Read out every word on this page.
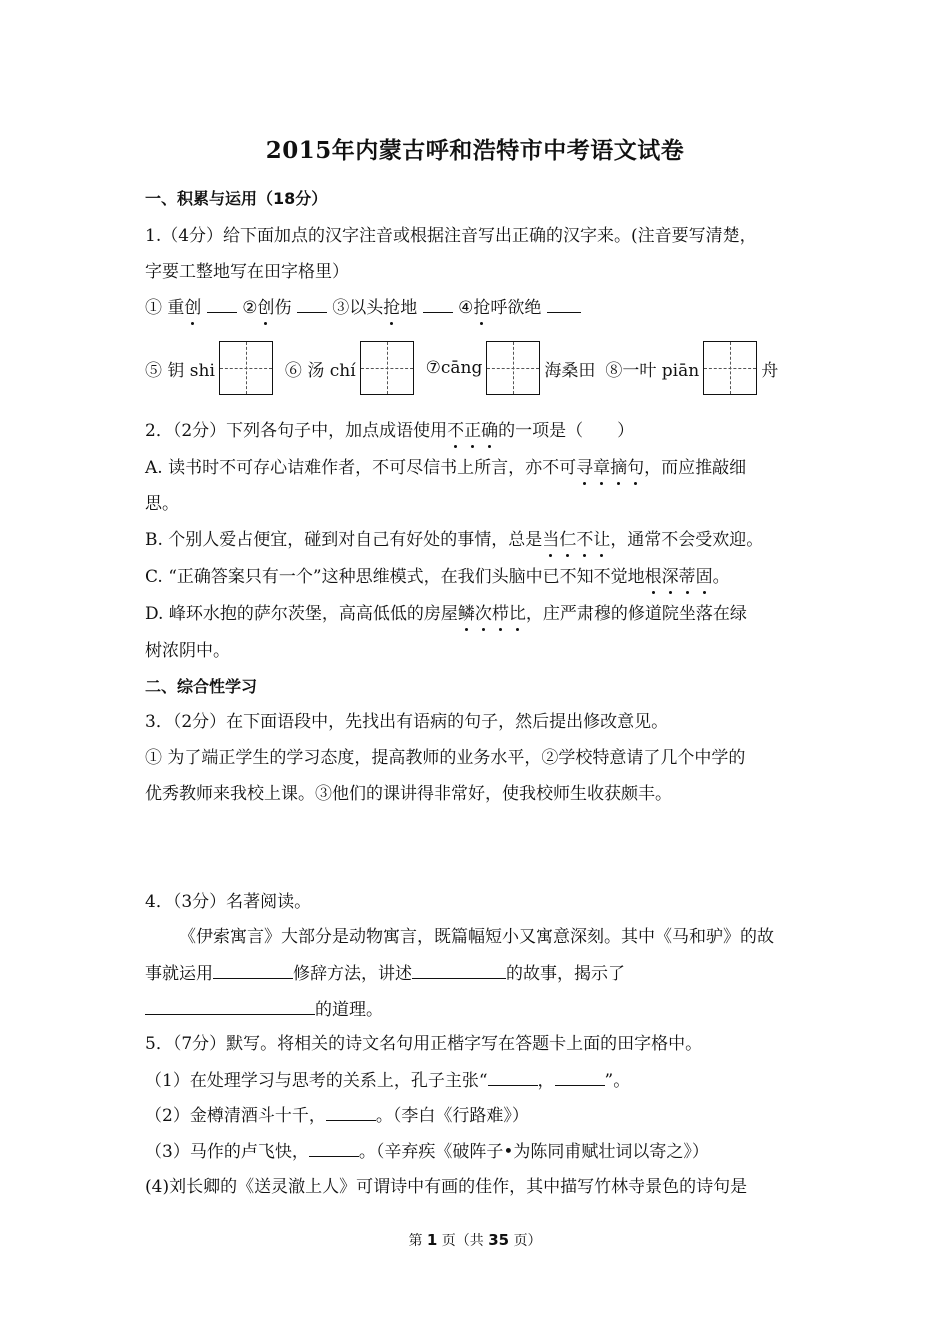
2015年内蒙古呼和浩特市中考语文试卷
一、积累与运用（18分）
1.（4分）给下面加点的汉字注音或根据注音写出正确的汉字来。(注音要写清楚，
字要工整地写在田字格里）
① 重创 ②创伤 ③以头抢地 ④抢呼欲绝
⑤ 钥 shi	⑥ 汤 chí	⑦cāng	海桑田 ⑧一叶 piān	舟
2．（2分）下列各句子中，加点成语使用不正确的一项是（　　）
A. 读书时不可存心诘难作者，不可尽信书上所言，亦不可寻章摘句，而应推敲细
思。
B. 个别人爱占便宜，碰到对自己有好处的事情，总是当仁不让，通常不会受欢迎。
C. “正确答案只有一个”这种思维模式，在我们头脑中已不知不觉地根深蒂固。
D. 峰环水抱的萨尔茨堡，高高低低的房屋鳞次栉比，庄严肃穆的修道院坐落在绿
树浓阴中。
二、综合性学习
3．（2分）在下面语段中，先找出有语病的句子，然后提出修改意见。
① 为了端正学生的学习态度，提高教师的业务水平，②学校特意请了几个中学的
优秀教师来我校上课。③他们的课讲得非常好，使我校师生收获颇丰。
4．（3分）名著阅读。
《伊索寓言》大部分是动物寓言，既篇幅短小又寓意深刻。其中《马和驴》的故
事就运用	修辞方法，讲述	的故事，揭示了
的道理。
5．（7分）默写。将相关的诗文名句用正楷字写在答题卡上面的田字格中。
（1）在处理学习与思考的关系上，孔子主张“	，	”。
（2）金樽清酒斗十千，	。（李白《行路难》）
（3）马作的卢飞快，	。（辛弃疾《破阵子•为陈同甫赋壮词以寄之》）
(4)刘长卿的《送灵澈上人》可谓诗中有画的佳作，其中描写竹林寺景色的诗句是
第 1 页（共 35 页）
